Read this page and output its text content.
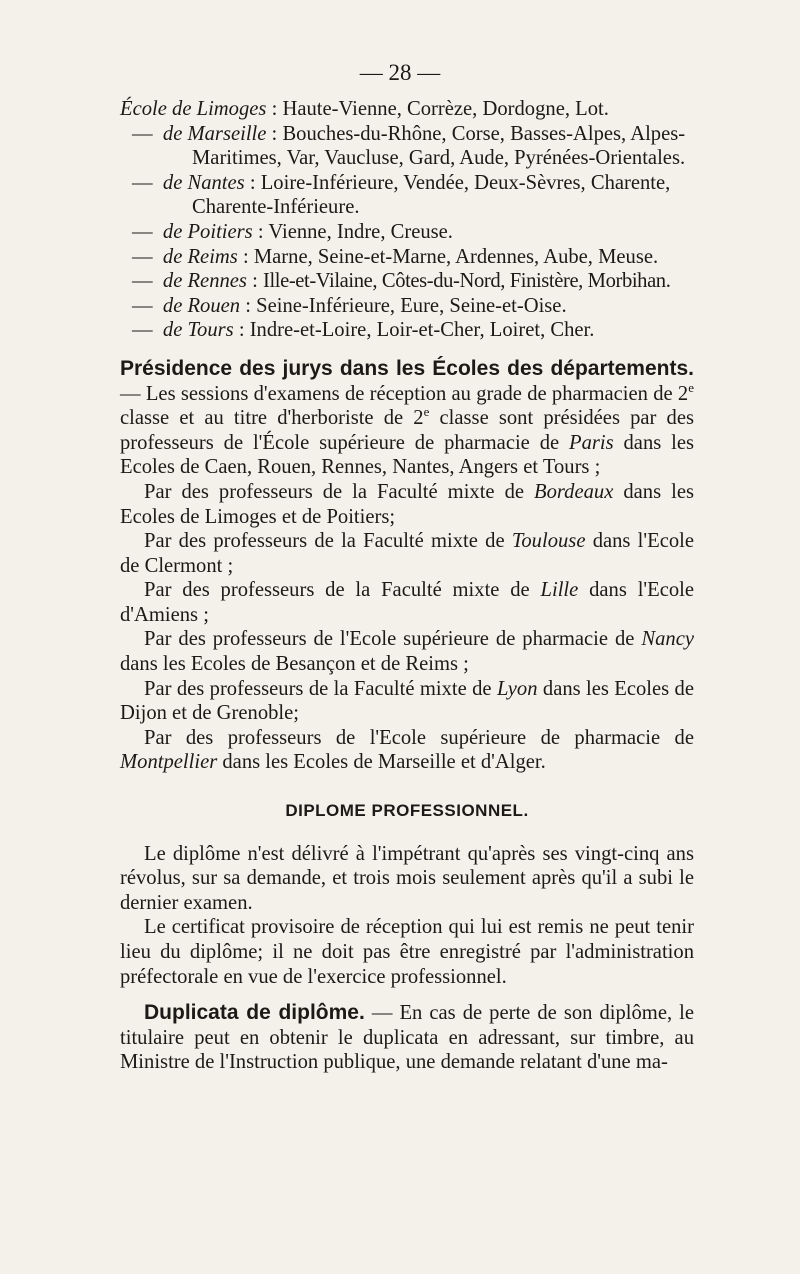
— 28 —
École de Limoges : Haute-Vienne, Corrèze, Dordogne, Lot.
— de Marseille : Bouches-du-Rhône, Corse, Basses-Alpes, Alpes-
Maritimes, Var, Vaucluse, Gard, Aude, Pyrénées-Orientales.
— de Nantes : Loire-Inférieure, Vendée, Deux-Sèvres, Charente,
Charente-Inférieure.
— de Poitiers : Vienne, Indre, Creuse.
— de Reims : Marne, Seine-et-Marne, Ardennes, Aube, Meuse.
— de Rennes : Ille-et-Vilaine, Côtes-du-Nord, Finistère, Morbihan.
— de Rouen : Seine-Inférieure, Eure, Seine-et-Oise.
— de Tours : Indre-et-Loire, Loir-et-Cher, Loiret, Cher.
Présidence des jurys dans les Écoles des départements. — Les sessions d'examens de réception au grade de pharmacien de 2e classe et au titre d'herboriste de 2e classe sont présidées par des professeurs de l'École supérieure de pharmacie de Paris dans les Ecoles de Caen, Rouen, Rennes, Nantes, Angers et Tours ;
Par des professeurs de la Faculté mixte de Bordeaux dans les Ecoles de Limoges et de Poitiers;
Par des professeurs de la Faculté mixte de Toulouse dans l'Ecole de Clermont ;
Par des professeurs de la Faculté mixte de Lille dans l'Ecole d'Amiens ;
Par des professeurs de l'Ecole supérieure de pharmacie de Nancy dans les Ecoles de Besançon et de Reims ;
Par des professeurs de la Faculté mixte de Lyon dans les Ecoles de Dijon et de Grenoble;
Par des professeurs de l'Ecole supérieure de pharmacie de Montpellier dans les Ecoles de Marseille et d'Alger.
DIPLOME PROFESSIONNEL.
Le diplôme n'est délivré à l'impétrant qu'après ses vingt-cinq ans révolus, sur sa demande, et trois mois seulement après qu'il a subi le dernier examen.
Le certificat provisoire de réception qui lui est remis ne peut tenir lieu du diplôme; il ne doit pas être enregistré par l'administration préfectorale en vue de l'exercice professionnel.
Duplicata de diplôme. — En cas de perte de son diplôme, le titulaire peut en obtenir le duplicata en adressant, sur timbre, au Ministre de l'Instruction publique, une demande relatant d'une ma-
